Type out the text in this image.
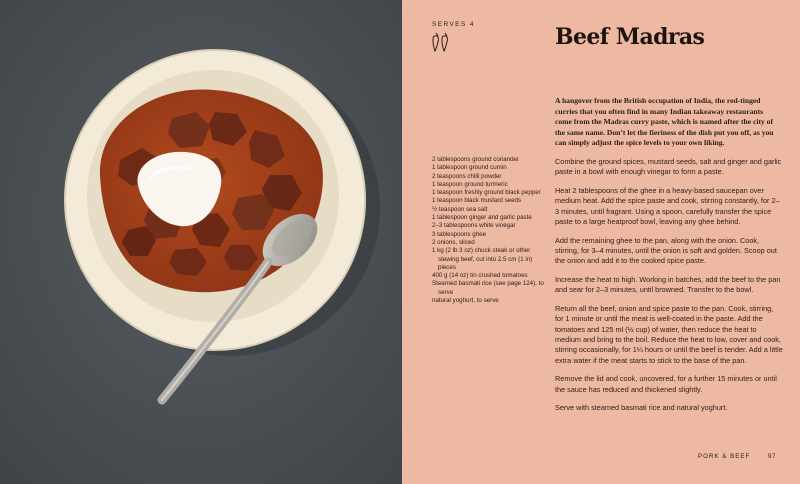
SERVES 4	Beef Madras

A hangover from the British occupation of India, the red-tinged curries that you often find in many Indian takeaway restaurants come from the Madras curry paste, which is named after the city of the same name. Don’t let the fieriness of the dish put you off, as you can simply adjust the spice levels to your own liking.

2 tablespoons ground coriander
1 tablespoon ground cumin
2 teaspoons chilli powder
1 teaspoon ground turmeric
1 teaspoon freshly ground black pepper
1 teaspoon black mustard seeds
½ teaspoon sea salt
1 tablespoon ginger and garlic paste
2–3 tablespoons white vinegar
3 tablespoons ghee
2 onions, sliced
1 kg (2 lb 3 oz) chuck steak or other stewing beef, cut into 2.5 cm (1 in) pieces
400 g (14 oz) tin crushed tomatoes
Steamed basmati rice (see page 124), to serve
natural yoghurt, to serve

Combine the ground spices, mustard seeds, salt and ginger and garlic paste in a bowl with enough vinegar to form a paste.

Heat 2 tablespoons of the ghee in a heavy-based saucepan over medium heat. Add the spice paste and cook, stirring constantly, for 2–3 minutes, until fragrant. Using a spoon, carefully transfer the spice paste to a large heatproof bowl, leaving any ghee behind.

Add the remaining ghee to the pan, along with the onion. Cook, stirring, for 3–4 minutes, until the onion is soft and golden. Scoop out the onion and add it to the cooked spice paste.

Increase the heat to high. Working in batches, add the beef to the pan and sear for 2–3 minutes, until browned. Transfer to the bowl.

Return all the beef, onion and spice paste to the pan. Cook, stirring, for 1 minute or until the meat is well-coated in the paste. Add the tomatoes and 125 ml (½ cup) of water, then reduce the heat to medium and bring to the boil. Reduce the heat to low, cover and cook, stirring occasionally, for 1¼ hours or until the beef is tender. Add a little extra water if the meat starts to stick to the base of the pan.

Remove the lid and cook, uncovered, for a further 15 minutes or until the sauce has reduced and thickened slightly.

Serve with steamed basmati rice and natural yoghurt.

PORK & BEEF	97
